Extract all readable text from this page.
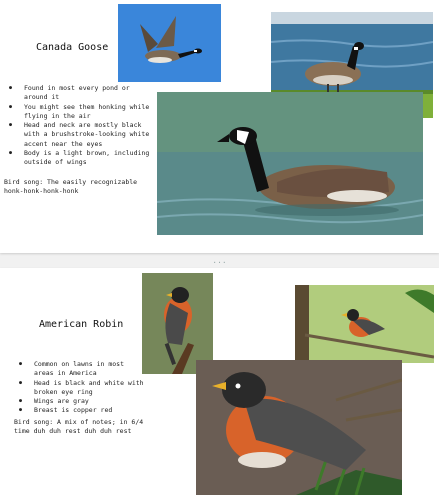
Canada Goose
● Found in most every pond or around it
● You might see them honking while flying in the air
● Head and neck are mostly black with a brushstroke-looking white accent near the eyes
● Body is a light brown, including outside of wings
Bird song: The easily recognizable honk-honk-honk-honk
...
American Robin
● Common on lawns in most areas in America
● Head is black and white with broken eye ring
● Wings are gray
● Breast is copper red
Bird song: A mix of notes; in 6/4 time duh duh rest duh duh rest
